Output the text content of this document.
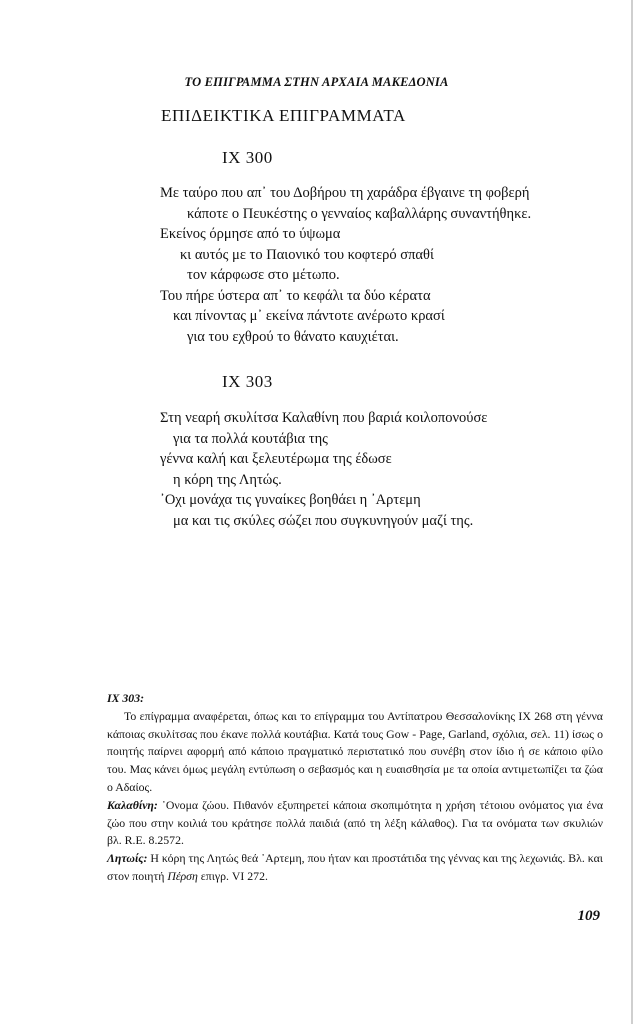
ΤΟ ΕΠΙΓΡΑΜΜΑ ΣΤΗΝ ΑΡΧΑΙΑ ΜΑΚΕΔΟΝΙΑ
ΕΠΙΔΕΙΚΤΙΚΑ ΕΠΙΓΡΑΜΜΑΤΑ
IX 300
Με ταύρο που απ᾿ του Δοβήρου τη χαράδρα έβγαινε τη φοβερή
κάποτε ο Πευκέστης ο γενναίος καβαλλάρης συναντήθηκε.
Εκείνος όρμησε από το ύψωμα
κι αυτός με το Παιονικό του κοφτερό σπαθί
τον κάρφωσε στο μέτωπο.
Του πήρε ύστερα απ᾿ το κεφάλι τα δύο κέρατα
και πίνοντας μ᾿ εκείνα πάντοτε ανέρωτο κρασί
για του εχθρού το θάνατο καυχιέται.
IX 303
Στη νεαρή σκυλίτσα Καλαθίνη που βαριά κοιλοπονούσε
για τα πολλά κουτάβια της
γέννα καλή και ξελευτέρωμα της έδωσε
η κόρη της Λητώς.
᾿Οχι μονάχα τις γυναίκες βοηθάει η ᾿Αρτεμη
μα και τις σκύλες σώζει που συγκυνηγούν μαζί της.

IX 303:

Το επίγραμμα αναφέρεται, όπως και το επίγραμμα του Αντίπατρου Θεσσαλονίκης IX 268 στη γέννα κάποιας σκυλίτσας που έκανε πολλά κουτάβια. Κατά τους Gow - Page, Garland, σχόλια, σελ. 11) ίσως ο ποιητής παίρνει αφορμή από κάποιο πραγματικό περιστατικό που συνέβη στον ίδιο ή σε κάποιο φίλο του. Μας κάνει όμως μεγάλη εντύπωση ο σεβασμός και η ευαισθησία με τα οποία αντιμετωπίζει τα ζώα ο Αδαίος.

Καλαθίνη: ᾿Ονομα ζώου. Πιθανόν εξυπηρετεί κάποια σκοπιμότητα η χρήση τέτοιου ονόματος για ένα ζώο που στην κοιλιά του κράτησε πολλά παιδιά (από τη λέξη κάλαθος). Για τα ονόματα των σκυλιών βλ. R.E. 8.2572.

Λητωίς: Η κόρη της Λητώς θεά ᾿Αρτεμη, που ήταν και προστάτιδα της γέννας και της λεχωνιάς. Βλ. και στον ποιητή Πέρση επιγρ. VI 272.

109
